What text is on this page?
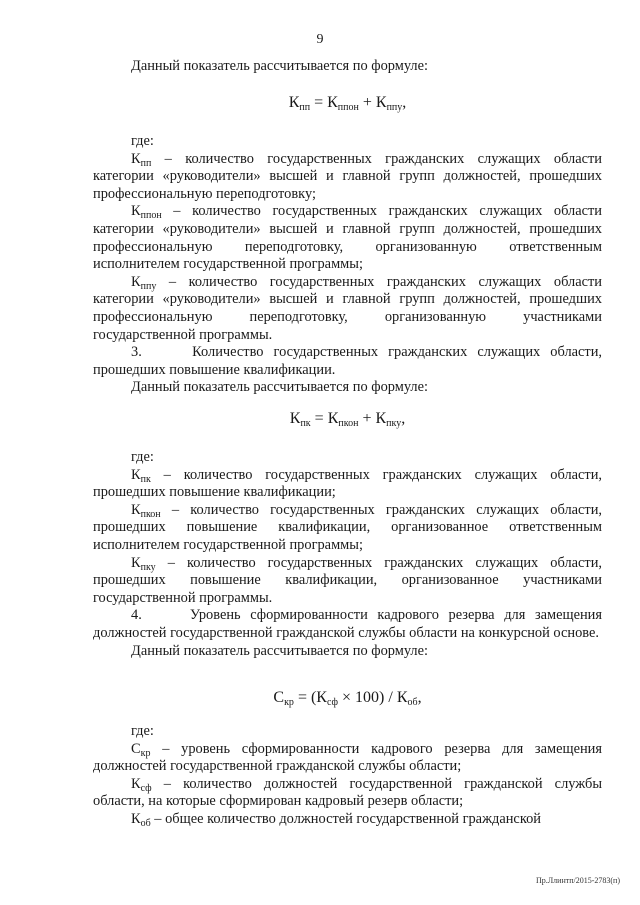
9

Данный показатель рассчитывается по формуле:

$К_{пп} = К_{ппон} + К_{ппу}$,

где:

$К_{пп}$ – количество государственных гражданских служащих области категории «руководители» высшей и главной групп должностей, прошедших профессиональную переподготовку;

$К_{ппон}$ – количество государственных гражданских служащих области категории «руководители» высшей и главной групп должностей, прошедших профессиональную переподготовку, организованную ответственным исполнителем государственной программы;

$К_{ппу}$ – количество государственных гражданских служащих области категории «руководители» высшей и главной групп должностей, прошедших профессиональную переподготовку, организованную участниками государственной программы.

3.     Количество государственных гражданских служащих области, прошедших повышение квалификации.

Данный показатель рассчитывается по формуле:

$К_{пк} = К_{пкон} + К_{пку}$,

где:

$К_{пк}$ – количество государственных гражданских служащих области, прошедших повышение квалификации;

$К_{пкон}$ – количество государственных гражданских служащих области, прошедших повышение квалификации, организованное ответственным исполнителем государственной программы;

$К_{пку}$ – количество государственных гражданских служащих области, прошедших повышение квалификации, организованное участниками государственной программы.

4.     Уровень сформированности кадрового резерва для замещения должностей государственной гражданской службы области на конкурсной основе.

Данный показатель рассчитывается по формуле:

$С_{кр} = (К_{сф} \times 100) / К_{об}$,

где:

$С_{кр}$ – уровень сформированности кадрового резерва для замещения должностей государственной гражданской службы области;

$К_{сф}$ – количество должностей государственной гражданской службы области, на которые сформирован кадровый резерв области;

$К_{об}$ – общее количество должностей государственной гражданской

Пр.Ллинтп/2015-2783(п)
